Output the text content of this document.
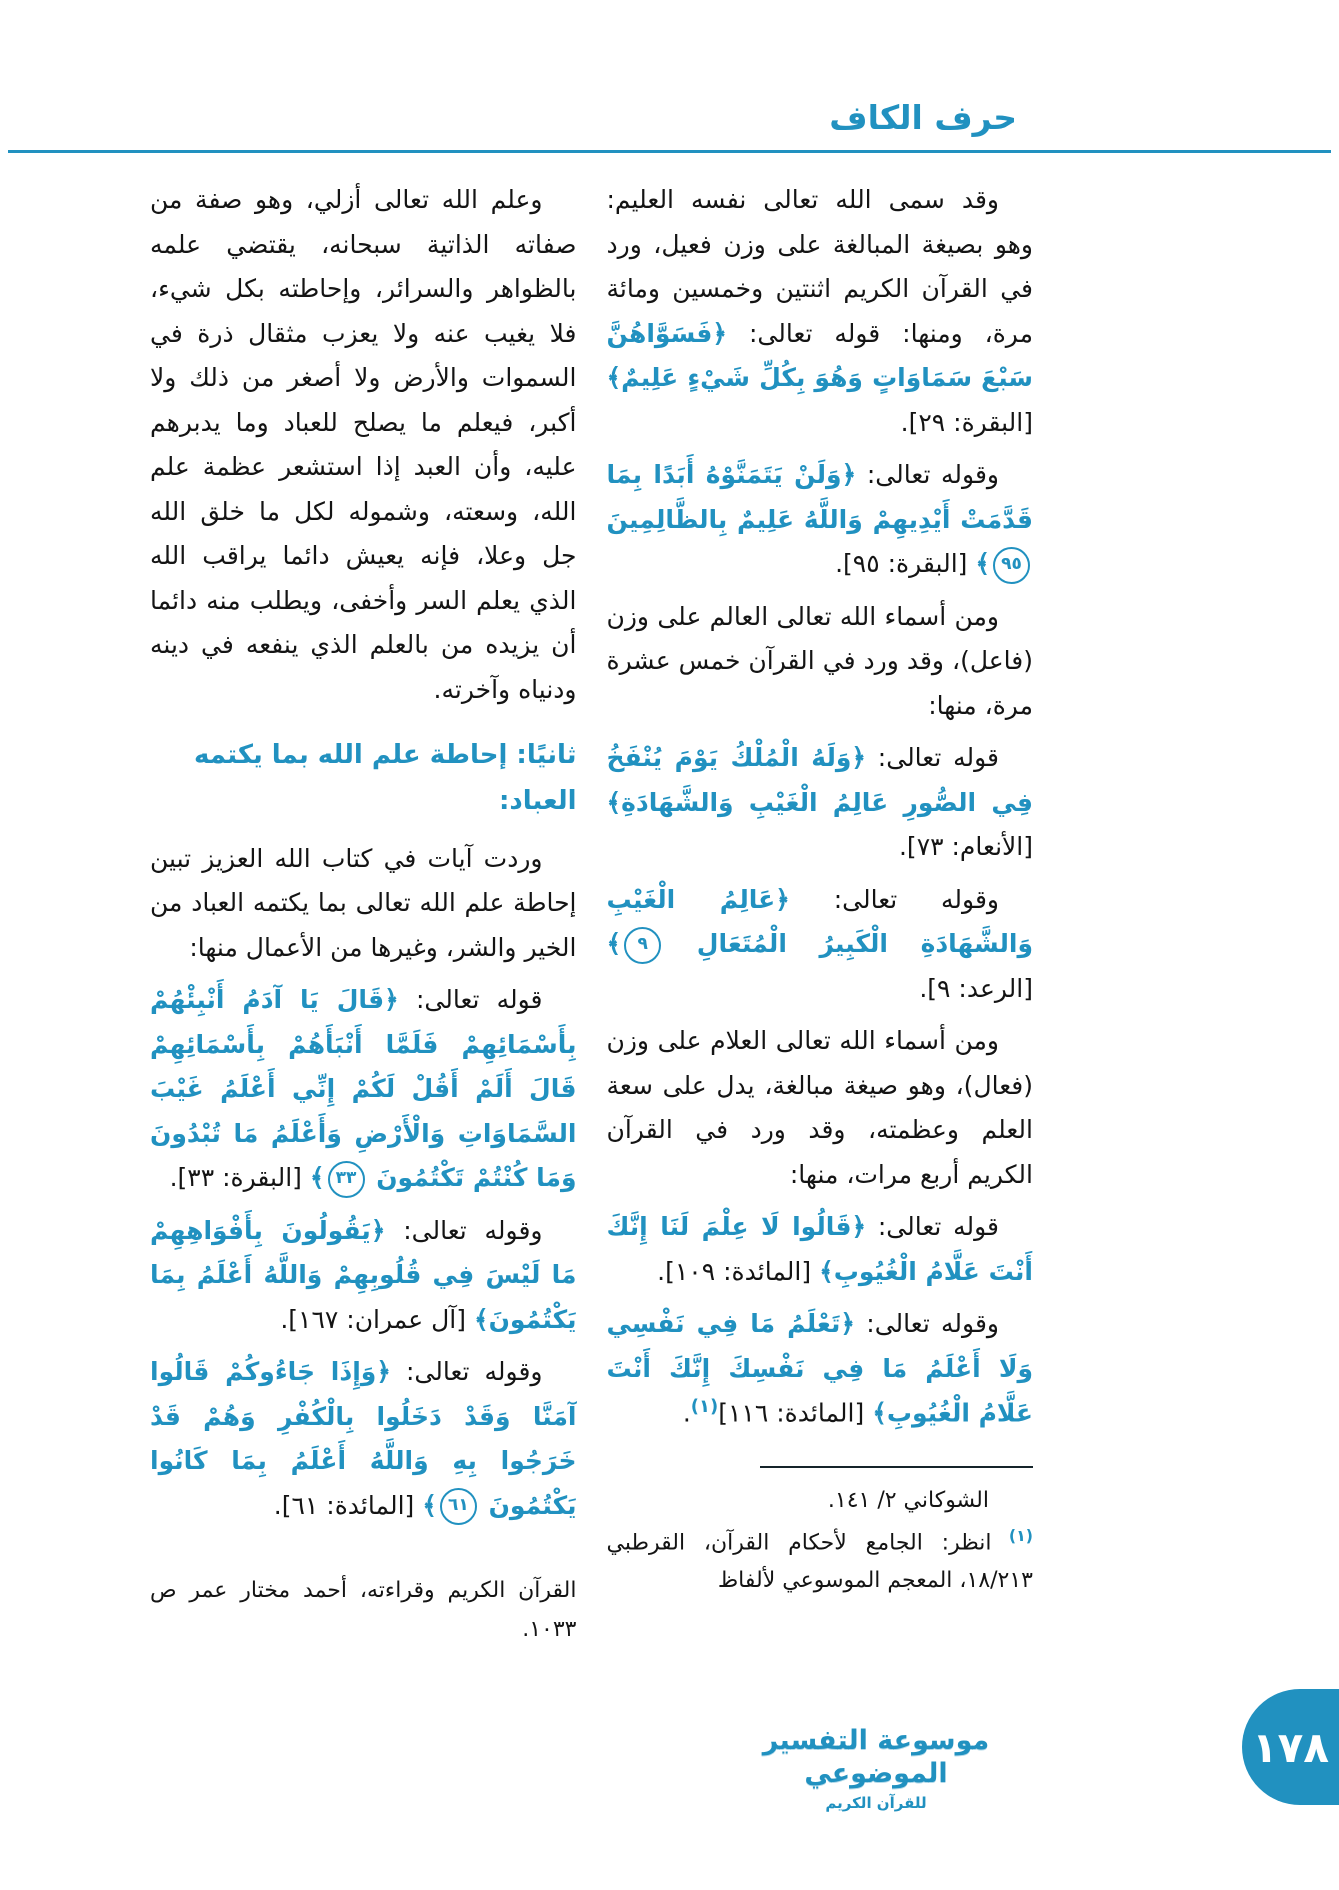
حرف الكاف

وقد سمى الله تعالى نفسه العليم: وهو بصيغة المبالغة على وزن فعيل، ورد في القرآن الكريم اثنتين وخمسين ومائة مرة، ومنها: قوله تعالى: ﴿فَسَوَّاهُنَّ سَبْعَ سَمَاوَاتٍ وَهُوَ بِكُلِّ شَيْءٍ عَلِيمٌ﴾ [البقرة: ٢٩].

وقوله تعالى: ﴿وَلَنْ يَتَمَنَّوْهُ أَبَدًا بِمَا قَدَّمَتْ أَيْدِيهِمْ وَاللَّهُ عَلِيمٌ بِالظَّالِمِينَ ٩٥﴾ [البقرة: ٩٥].

ومن أسماء الله تعالى العالم على وزن (فاعل)، وقد ورد في القرآن خمس عشرة مرة، منها:

قوله تعالى: ﴿وَلَهُ الْمُلْكُ يَوْمَ يُنْفَخُ فِي الصُّورِ عَالِمُ الْغَيْبِ وَالشَّهَادَةِ﴾ [الأنعام: ٧٣].

وقوله تعالى: ﴿عَالِمُ الْغَيْبِ وَالشَّهَادَةِ الْكَبِيرُ الْمُتَعَالِ ٩﴾ [الرعد: ٩].

ومن أسماء الله تعالى العلام على وزن (فعال)، وهو صيغة مبالغة، يدل على سعة العلم وعظمته، وقد ورد في القرآن الكريم أربع مرات، منها:

قوله تعالى: ﴿قَالُوا لَا عِلْمَ لَنَا إِنَّكَ أَنْتَ عَلَّامُ الْغُيُوبِ﴾ [المائدة: ١٠٩].

وقوله تعالى: ﴿تَعْلَمُ مَا فِي نَفْسِي وَلَا أَعْلَمُ مَا فِي نَفْسِكَ إِنَّكَ أَنْتَ عَلَّامُ الْغُيُوبِ﴾ [المائدة: ١١٦]$^{(١)}$.

الشوكاني ٢/ ١٤١.

$^{(١)}$ انظر: الجامع لأحكام القرآن، القرطبي ١٨/٢١٣، المعجم الموسوعي لألفاظ

وعلم الله تعالى أزلي، وهو صفة من صفاته الذاتية سبحانه، يقتضي علمه بالظواهر والسرائر، وإحاطته بكل شيء، فلا يغيب عنه ولا يعزب مثقال ذرة في السموات والأرض ولا أصغر من ذلك ولا أكبر، فيعلم ما يصلح للعباد وما يدبرهم عليه، وأن العبد إذا استشعر عظمة علم الله، وسعته، وشموله لكل ما خلق الله جل وعلا، فإنه يعيش دائما يراقب الله الذي يعلم السر وأخفى، ويطلب منه دائما أن يزيده من بالعلم الذي ينفعه في دينه ودنياه وآخرته.

ثانيًا: إحاطة علم الله بما يكتمه العباد:

وردت آيات في كتاب الله العزيز تبين إحاطة علم الله تعالى بما يكتمه العباد من الخير والشر، وغيرها من الأعمال منها:

قوله تعالى: ﴿قَالَ يَا آدَمُ أَنْبِئْهُمْ بِأَسْمَائِهِمْ فَلَمَّا أَنْبَأَهُمْ بِأَسْمَائِهِمْ قَالَ أَلَمْ أَقُلْ لَكُمْ إِنِّي أَعْلَمُ غَيْبَ السَّمَاوَاتِ وَالْأَرْضِ وَأَعْلَمُ مَا تُبْدُونَ وَمَا كُنْتُمْ تَكْتُمُونَ ٣٣﴾ [البقرة: ٣٣].

وقوله تعالى: ﴿يَقُولُونَ بِأَفْوَاهِهِمْ مَا لَيْسَ فِي قُلُوبِهِمْ وَاللَّهُ أَعْلَمُ بِمَا يَكْتُمُونَ﴾ [آل عمران: ١٦٧].

وقوله تعالى: ﴿وَإِذَا جَاءُوكُمْ قَالُوا آمَنَّا وَقَدْ دَخَلُوا بِالْكُفْرِ وَهُمْ قَدْ خَرَجُوا بِهِ وَاللَّهُ أَعْلَمُ بِمَا كَانُوا يَكْتُمُونَ ٦١﴾ [المائدة: ٦١].

القرآن الكريم وقراءته، أحمد مختار عمر ص ١٠٣٣.
موسوعة التفسير الموضوعي
للقرآن الكريم
١٧٨
